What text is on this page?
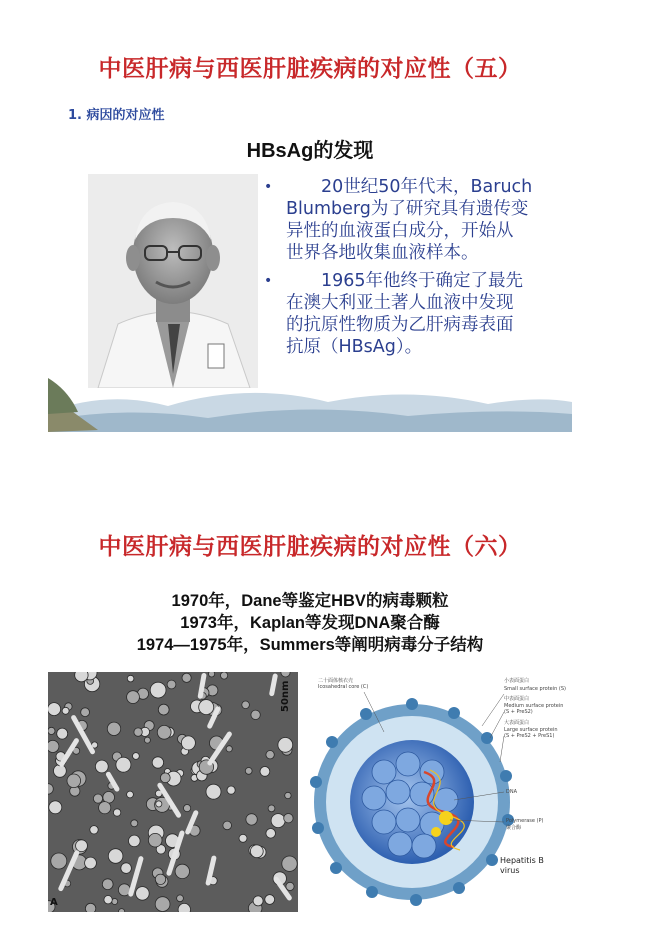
中医肝病与西医肝脏疾病的对应性（五）
1. 病因的对应性
HBsAg的发现
• 　　20世纪50年代末，Baruch
Blumberg为了研究具有遗传变
异性的血液蛋白成分，开始从
世界各地收集血液样本。
• 　　1965年他终于确定了最先
在澳大利亚土著人血液中发现
的抗原性物质为乙肝病毒表面
抗原（HBsAg）。
中医肝病与西医肝脏疾病的对应性（六）
1970年，Dane等鉴定HBV的病毒颗粒
1973年，Kaplan等发现DNA聚合酶
1974—1975年，Summers等阐明病毒分子结构
50nm
A
二十面体核衣壳
Icosahedral core (C)
小表面蛋白
Small surface protein (S)
中表面蛋白
Medium surface protein
(S + PreS2)
大表面蛋白
Large surface protein
(S + PreS2 + PreS1)
DNA
Polymerase (P)
聚合酶
Hepatitis B
virus
